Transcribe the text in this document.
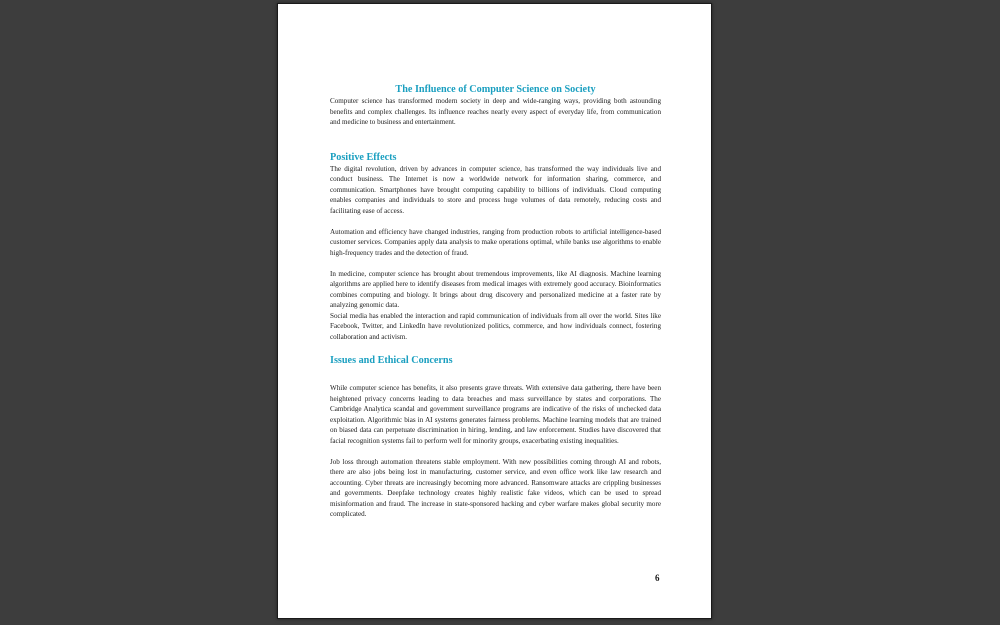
The Influence of Computer Science on Society

Computer science has transformed modern society in deep and wide-ranging ways, providing both astounding benefits and complex challenges. Its influence reaches nearly every aspect of everyday life, from communication and medicine to business and entertainment.

Positive Effects

The digital revolution, driven by advances in computer science, has transformed the way individuals live and conduct business. The Internet is now a worldwide network for information sharing, commerce, and communication. Smartphones have brought computing capability to billions of individuals. Cloud computing enables companies and individuals to store and process huge volumes of data remotely, reducing costs and facilitating ease of access.

Automation and efficiency have changed industries, ranging from production robots to artificial intelligence-based customer services. Companies apply data analysis to make operations optimal, while banks use algorithms to enable high-frequency trades and the detection of fraud.

In medicine, computer science has brought about tremendous improvements, like AI diagnosis. Machine learning algorithms are applied here to identify diseases from medical images with extremely good accuracy. Bioinformatics combines computing and biology. It brings about drug discovery and personalized medicine at a faster rate by analyzing genomic data.

Social media has enabled the interaction and rapid communication of individuals from all over the world. Sites like Facebook, Twitter, and LinkedIn have revolutionized politics, commerce, and how individuals connect, fostering collaboration and activism.

Issues and Ethical Concerns

While computer science has benefits, it also presents grave threats. With extensive data gathering, there have been heightened privacy concerns leading to data breaches and mass surveillance by states and corporations. The Cambridge Analytica scandal and government surveillance programs are indicative of the risks of unchecked data exploitation. Algorithmic bias in AI systems generates fairness problems. Machine learning models that are trained on biased data can perpetuate discrimination in hiring, lending, and law enforcement. Studies have discovered that facial recognition systems fail to perform well for minority groups, exacerbating existing inequalities.

Job loss through automation threatens stable employment. With new possibilities coming through AI and robots, there are also jobs being lost in manufacturing, customer service, and even office work like law research and accounting. Cyber threats are increasingly becoming more advanced. Ransomware attacks are crippling businesses and governments. Deepfake technology creates highly realistic fake videos, which can be used to spread misinformation and fraud. The increase in state-sponsored hacking and cyber warfare makes global security more complicated.

6
